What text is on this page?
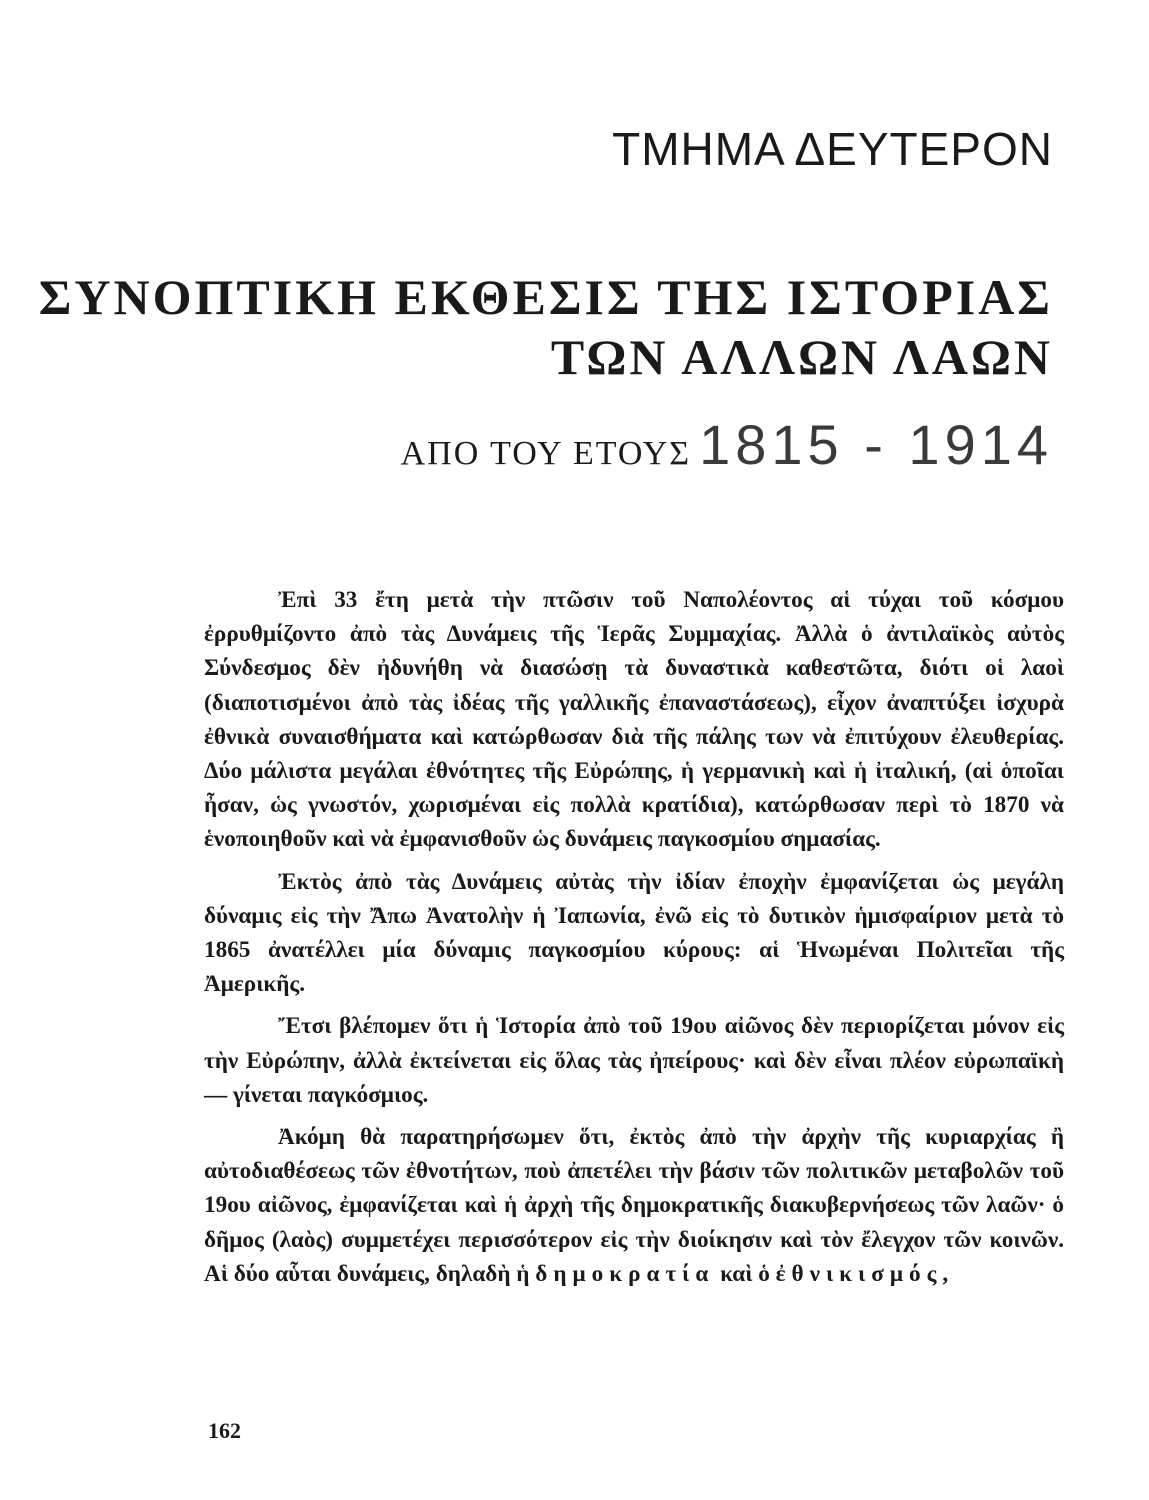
ΤΜΗΜΑ ΔΕΥΤΕΡΟΝ
ΣΥΝΟΠΤΙΚΗ ΕΚΘΕΣΙΣ ΤΗΣ ΙΣΤΟΡΙΑΣ
ΤΩΝ ΑΛΛΩΝ ΛΑΩΝ
ΑΠΟ ΤΟΥ ΕΤΟΥΣ 1815 - 1914

Ἐπὶ 33 ἔτη μετὰ τὴν πτῶσιν τοῦ Ναπολέοντος αἱ τύχαι τοῦ κόσμου ἐρρυθμίζοντο ἀπὸ τὰς Δυνάμεις τῆς Ἱερᾶς Συμμαχίας. Ἀλλὰ ὁ ἀντιλαϊκὸς αὐτὸς Σύνδεσμος δὲν ἠδυνήθη νὰ διασώσῃ τὰ δυναστικὰ καθεστῶτα, διότι οἱ λαοὶ (διαποτισμένοι ἀπὸ τὰς ἰδέας τῆς γαλλικῆς ἐπαναστάσεως), εἶχον ἀναπτύξει ἰσχυρὰ ἐθνικὰ συναισθήματα καὶ κατώρθωσαν διὰ τῆς πάλης των νὰ ἐπιτύχουν ἐλευθερίας. Δύο μάλιστα μεγάλαι ἐθνότητες τῆς Εὐρώπης, ἡ γερμανικὴ καὶ ἡ ἰταλική, (αἱ ὁποῖαι ἦσαν, ὡς γνωστόν, χωρισμέναι εἰς πολλὰ κρατίδια), κατώρθωσαν περὶ τὸ 1870 νὰ ἑνοποιηθοῦν καὶ νὰ ἐμφανισθοῦν ὡς δυνάμεις παγκοσμίου σημασίας.

Ἐκτὸς ἀπὸ τὰς Δυνάμεις αὐτὰς τὴν ἰδίαν ἐποχὴν ἐμφανίζεται ὡς μεγάλη δύναμις εἰς τὴν Ἄπω Ἀνατολὴν ἡ Ἰαπωνία, ἐνῶ εἰς τὸ δυτικὸν ἡμισφαίριον μετὰ τὸ 1865 ἀνατέλλει μία δύναμις παγκοσμίου κύρους: αἱ Ἡνωμέναι Πολιτεῖαι τῆς Ἀμερικῆς.

Ἔτσι βλέπομεν ὅτι ἡ Ἱστορία ἀπὸ τοῦ 19ου αἰῶνος δὲν περιορίζεται μόνον εἰς τὴν Εὐρώπην, ἀλλὰ ἐκτείνεται εἰς ὅλας τὰς ἠπείρους· καὶ δὲν εἶναι πλέον εὐρωπαϊκὴ — γίνεται παγκόσμιος.

Ἀκόμη θὰ παρατηρήσωμεν ὅτι, ἐκτὸς ἀπὸ τὴν ἀρχὴν τῆς κυριαρχίας ἢ αὐτοδιαθέσεως τῶν ἐθνοτήτων, ποὺ ἀπετέλει τὴν βάσιν τῶν πολιτικῶν μεταβολῶν τοῦ 19ου αἰῶνος, ἐμφανίζεται καὶ ἡ ἀρχὴ τῆς δημοκρατικῆς διακυβερνήσεως τῶν λαῶν· ὁ δῆμος (λαὸς) συμμετέχει περισσότερον εἰς τὴν διοίκησιν καὶ τὸν ἔλεγχον τῶν κοινῶν. Αἱ δύο αὗται δυνάμεις, δηλαδὴ ἡ δημοκρατία καὶ ὁ ἐθνικισμός,

162
